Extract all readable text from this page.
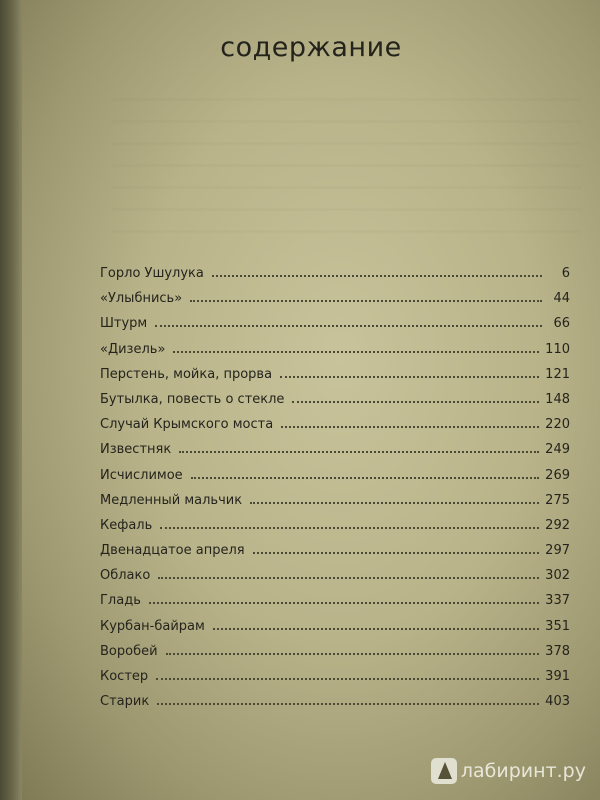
содержание
Горло Ушулука	6
«Улыбнись»	44
Штурм	66
«Дизель»	110
Перстень, мойка, прорва	121
Бутылка, повесть о стекле	148
Случай Крымского моста	220
Известняк	249
Исчислимое	269
Медленный мальчик	275
Кефаль	292
Двенадцатое апреля	297
Облако	302
Гладь	337
Курбан-байрам	351
Воробей	378
Костер	391
Старик	403
лабиринт.ру
